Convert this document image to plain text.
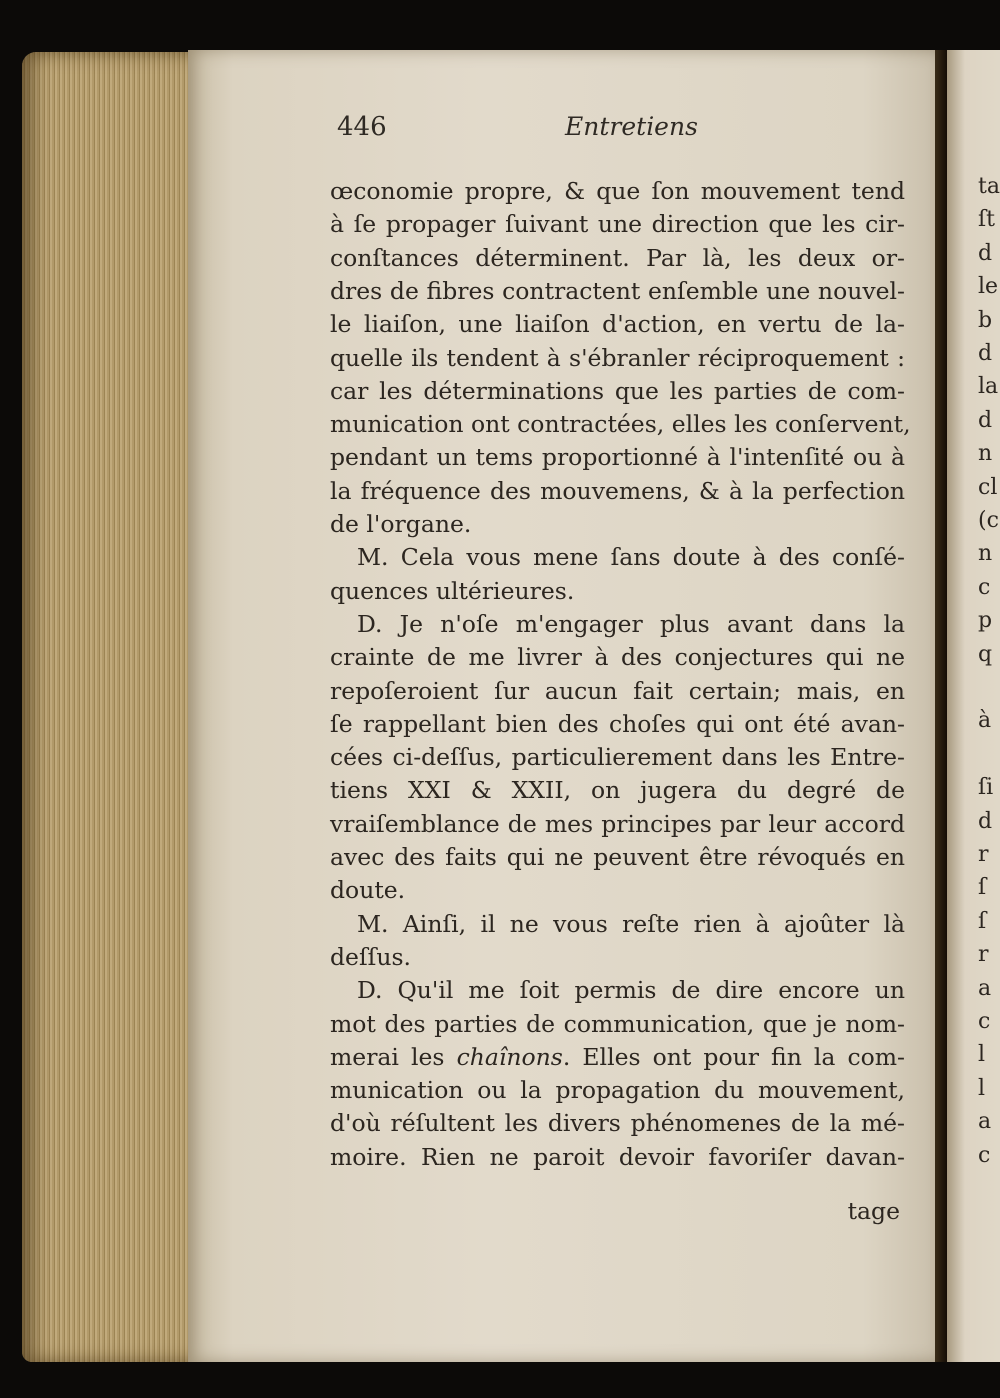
446	Entretiens
œconomie propre, & que ſon mouvement tend
à ſe propager ſuivant une direction que les cir-
conſtances déterminent. Par là, les deux or-
dres de fibres contractent enſemble une nouvel-
le liaiſon, une liaiſon d'action, en vertu de la-
quelle ils tendent à s'ébranler réciproquement :
car les déterminations que les parties de com-
munication ont contractées, elles les conſervent,
pendant un tems proportionné à l'intenſité ou à
la fréquence des mouvemens, & à la perfection
de l'organe.
M. Cela vous mene ſans doute à des conſé-
quences ultérieures.
D. Je n'oſe m'engager plus avant dans la
crainte de me livrer à des conjectures qui ne
repoſeroient ſur aucun fait certain; mais, en
ſe rappellant bien des choſes qui ont été avan-
cées ci-deſſus, particulierement dans les Entre-
tiens XXI & XXII, on jugera du degré de
vraiſemblance de mes principes par leur accord
avec des faits qui ne peuvent être révoqués en
doute.
M. Ainſi, il ne vous reſte rien à ajoûter là
deſſus.
D. Qu'il me ſoit permis de dire encore un
mot des parties de communication, que je nom-
merai les chaînons. Elles ont pour fin la com-
munication ou la propagation du mouvement,
d'où réſultent les divers phénomenes de la mé-
moire. Rien ne paroit devoir favoriſer davan-
tage
ta
ſt
d
le
b
d
la
d
n
cl
(c
n
c
p
q
à
ſi
d
r
ſ
ſ
r
a
c
l
l
a
c
